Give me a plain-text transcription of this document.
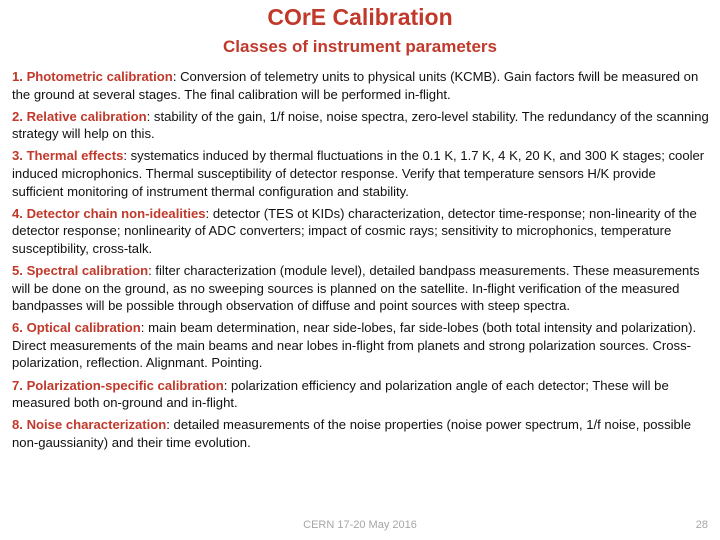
COrE Calibration
Classes of instrument parameters
1. Photometric calibration: Conversion of telemetry units to physical units (KCMB). Gain factors fwill be measured on the ground at several stages. The final calibration will be performed in-flight.
2. Relative calibration: stability of the gain, 1/f noise, noise spectra, zero-level stability. The redundancy of the scanning strategy will help on this.
3. Thermal effects: systematics induced by thermal fluctuations in the 0.1 K, 1.7 K, 4 K, 20 K, and 300 K stages; cooler induced microphonics. Thermal susceptibility of detector response. Verify that temperature sensors H/K provide sufficient monitoring of instrument thermal configuration and stability.
4. Detector chain non-idealities: detector (TES ot KIDs) characterization, detector time-response; non-linearity of the detector response; nonlinearity of ADC converters; impact of cosmic rays; sensitivity to microphonics, temperature susceptibility, cross-talk.
5. Spectral calibration: filter characterization (module level), detailed bandpass measurements. These measurements will be done on the ground, as no sweeping sources is planned on the satellite. In-flight verification of the measured bandpasses will be possible through observation of diffuse and point sources with steep spectra.
6. Optical calibration: main beam determination, near side-lobes, far side-lobes (both total intensity and polarization). Direct measurements of the main beams and near lobes in-flight from planets and strong polarization sources. Cross-polarization, reflection. Alignmant. Pointing.
7. Polarization-specific calibration: polarization efficiency and polarization angle of each detector; These will be measured both on-ground and in-flight.
8. Noise characterization: detailed measurements of the noise properties (noise power spectrum, 1/f noise, possible non-gaussianity) and their time evolution.
CERN 17-20 May 2016	28
